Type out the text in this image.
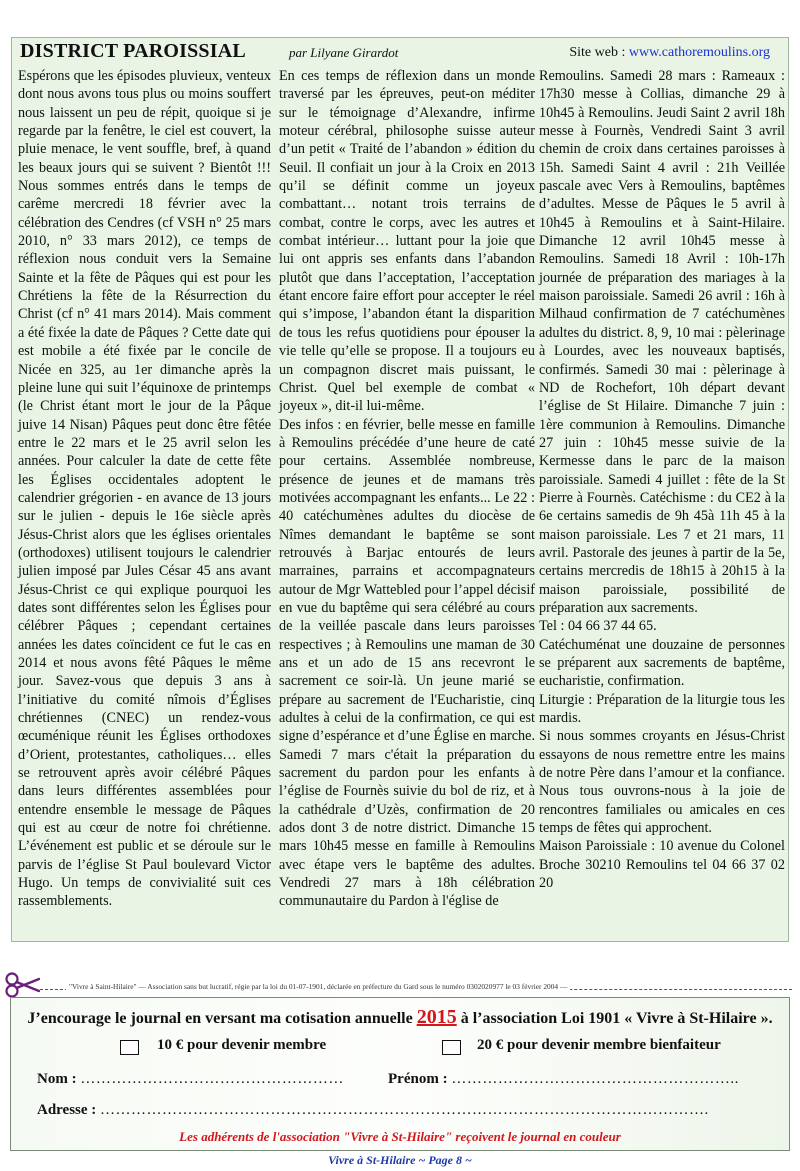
DISTRICT PAROISSIAL	par Lilyane Girardot	Site web : www.cathoremoulins.org

Espérons que les épisodes pluvieux, venteux dont nous avons tous plus ou moins souffert nous laissent un peu de répit, quoique si je regarde par la fenêtre, le ciel est couvert, la pluie menace, le vent souffle, bref, à quand les beaux jours qui se suivent ? Bientôt !!! Nous sommes entrés dans le temps de carême mercredi 18 février avec la célébration des Cendres (cf VSH n° 25 mars 2010, n° 33 mars 2012), ce temps de réflexion nous conduit vers la Semaine Sainte et la fête de Pâques qui est pour les Chrétiens la fête de la Résurrection du Christ (cf n° 41 mars 2014). Mais comment a été fixée la date de Pâques ? Cette date qui est mobile a été fixée par le concile de Nicée en 325, au 1er dimanche après la pleine lune qui suit l’équinoxe de printemps (le Christ étant mort le jour de la Pâque juive 14 Nisan) Pâques peut donc être fêtée entre le 22 mars et le 25 avril selon les années. Pour calculer la date de cette fête les Églises occidentales adoptent le calendrier grégorien - en avance de 13 jours sur le julien - depuis le 16e siècle après Jésus-Christ alors que les églises orientales (orthodoxes) utilisent toujours le calendrier julien imposé par Jules César 45 ans avant Jésus-Christ ce qui explique pourquoi les dates sont différentes selon les Églises pour célébrer Pâques ; cependant certaines années les dates coïncident ce fut le cas en 2014 et nous avons fêté Pâques le même jour. Savez-vous que depuis 3 ans à l’initiative du comité nîmois d’Églises chrétiennes (CNEC) un rendez-vous œcuménique réunit les Églises orthodoxes d’Orient, protestantes, catholiques… elles se retrouvent après avoir célébré Pâques dans leurs différentes assemblées pour entendre ensemble le message de Pâques qui est au cœur de notre foi chrétienne. L’événement est public et se déroule sur le parvis de l’église St Paul boulevard Victor Hugo. Un temps de convivialité suit ces rassemblements.

En ces temps de réflexion dans un monde traversé par les épreuves, peut-on méditer sur le témoignage d’Alexandre, infirme moteur cérébral, philosophe suisse auteur d’un petit « Traité de l’abandon » édition du Seuil. Il confiait un jour à la Croix en 2013 qu’il se définit comme un joyeux combattant… notant trois terrains de combat, contre le corps, avec les autres et combat intérieur… luttant pour la joie que lui ont appris ses enfants dans l’abandon plutôt que dans l’acceptation, l’acceptation étant encore faire effort pour accepter le réel qui s’impose, l’abandon étant la disparition de tous les refus quotidiens pour épouser la vie telle qu’elle se propose. Il a toujours eu un compagnon discret mais puissant, le Christ. Quel bel exemple de combat « joyeux », dit-il lui-même.

Des infos : en février, belle messe en famille à Remoulins précédée d’une heure de caté pour certains. Assemblée nombreuse, présence de jeunes et de mamans très motivées accompagnant les enfants... Le 22 : 40 catéchumènes adultes du diocèse de Nîmes demandant le baptême se sont retrouvés à Barjac entourés de leurs marraines, parrains et accompagnateurs autour de Mgr Wattebled pour l’appel décisif en vue du baptême qui sera célébré au cours de la veillée pascale dans leurs paroisses respectives ; à Remoulins une maman de 30 ans et un ado de 15 ans recevront le sacrement ce soir-là. Un jeune marié se prépare au sacrement de l'Eucharistie, cinq adultes à celui de la confirmation, ce qui est signe d’espérance et d’une Église en marche. Samedi 7 mars c'était la préparation du sacrement du pardon pour les enfants à l’église de Fournès suivie du bol de riz, et à la cathédrale d’Uzès, confirmation de 20 ados dont 3 de notre district. Dimanche 15 mars 10h45 messe en famille à Remoulins avec étape vers le baptême des adultes. Vendredi 27 mars à 18h célébration communautaire du Pardon à l'église de

Remoulins. Samedi 28 mars : Rameaux : 17h30 messe à Collias, dimanche 29 à 10h45 à Remoulins. Jeudi Saint 2 avril 18h messe à Fournès, Vendredi Saint 3 avril chemin de croix dans certaines paroisses à 15h. Samedi Saint 4 avril : 21h Veillée pascale avec Vers à Remoulins, baptêmes d’adultes. Messe de Pâques le 5 avril à 10h45 à Remoulins et à Saint-Hilaire. Dimanche 12 avril 10h45 messe à Remoulins. Samedi 18 Avril : 10h-17h journée de préparation des mariages à la maison paroissiale. Samedi 26 avril : 16h à Milhaud confirmation de 7 catéchumènes adultes du district. 8, 9, 10 mai : pèlerinage à Lourdes, avec les nouveaux baptisés, confirmés. Samedi 30 mai : pèlerinage à ND de Rochefort, 10h départ devant l’église de St Hilaire. Dimanche 7 juin : 1ère communion à Remoulins. Dimanche 27 juin : 10h45 messe suivie de la Kermesse dans le parc de la maison paroissiale. Samedi 4 juillet : fête de la St Pierre à Fournès. Catéchisme : du CE2 à la 6e certains samedis de 9h 45à 11h 45 à la maison paroissiale. Les 7 et 21 mars, 11 avril. Pastorale des jeunes à partir de la 5e, certains mercredis de 18h15 à 20h15 à la maison paroissiale, possibilité de préparation aux sacrements.

Tel : 04 66 37 44 65.

Catéchuménat une douzaine de personnes se préparent aux sacrements de baptême, eucharistie, confirmation.

Liturgie : Préparation de la liturgie tous les mardis.

Si nous sommes croyants en Jésus-Christ essayons de nous remettre entre les mains de notre Père dans l’amour et la confiance. Nous tous ouvrons-nous à la joie de rencontres familiales ou amicales en ces temps de fêtes qui approchent.

Maison Paroissiale : 10 avenue du Colonel Broche 30210 Remoulins tel 04 66 37 02 20

"Vivre à Saint-Hilaire" — Association sans but lucratif, régie par la loi du 01-07-1901, déclarée en préfecture du Gard sous le numéro 0302020977 le 03 février 2004 —
J’encourage le journal en versant ma cotisation annuelle 2015 à l’association Loi 1901 « Vivre à St-Hilaire ».
10 € pour devenir membre	20 € pour devenir membre bienfaiteur
Nom : ……………………………………………	Prénom : ………………………………………………..
Adresse : ……………………………………………………………………………………………………….
Les adhérents de l'association "Vivre à St-Hilaire" reçoivent le journal en couleur
Vivre à St-Hilaire ~ Page 8 ~
